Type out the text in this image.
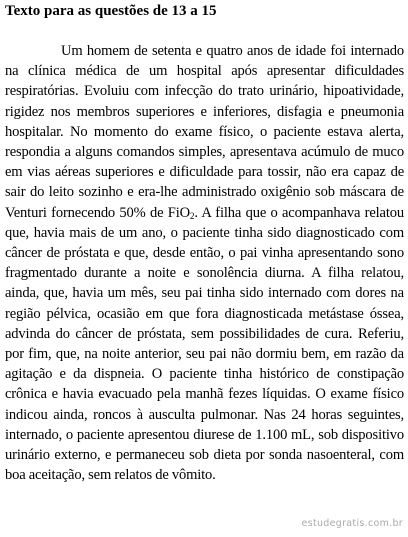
Texto para as questões de 13 a 15

Um homem de setenta e quatro anos de idade foi internado na clínica médica de um hospital após apresentar dificuldades respiratórias. Evoluiu com infecção do trato urinário, hipoatividade, rigidez nos membros superiores e inferiores, disfagia e pneumonia hospitalar. No momento do exame físico, o paciente estava alerta, respondia a alguns comandos simples, apresentava acúmulo de muco em vias aéreas superiores e dificuldade para tossir, não era capaz de sair do leito sozinho e era-lhe administrado oxigênio sob máscara de Venturi fornecendo 50% de FiO$_2$. A filha que o acompanhava relatou que, havia mais de um ano, o paciente tinha sido diagnosticado com câncer de próstata e que, desde então, o pai vinha apresentando sono fragmentado durante a noite e sonolência diurna. A filha relatou, ainda, que, havia um mês, seu pai tinha sido internado com dores na região pélvica, ocasião em que fora diagnosticada metástase óssea, advinda do câncer de próstata, sem possibilidades de cura. Referiu, por fim, que, na noite anterior, seu pai não dormiu bem, em razão da agitação e da dispneia. O paciente tinha histórico de constipação crônica e havia evacuado pela manhã fezes líquidas. O exame físico indicou ainda, roncos à ausculta pulmonar. Nas 24 horas seguintes, internado, o paciente apresentou diurese de 1.100 mL, sob dispositivo urinário externo, e permaneceu sob dieta por sonda nasoenteral, com boa aceitação, sem relatos de vômito.

estudegratis.com.br
